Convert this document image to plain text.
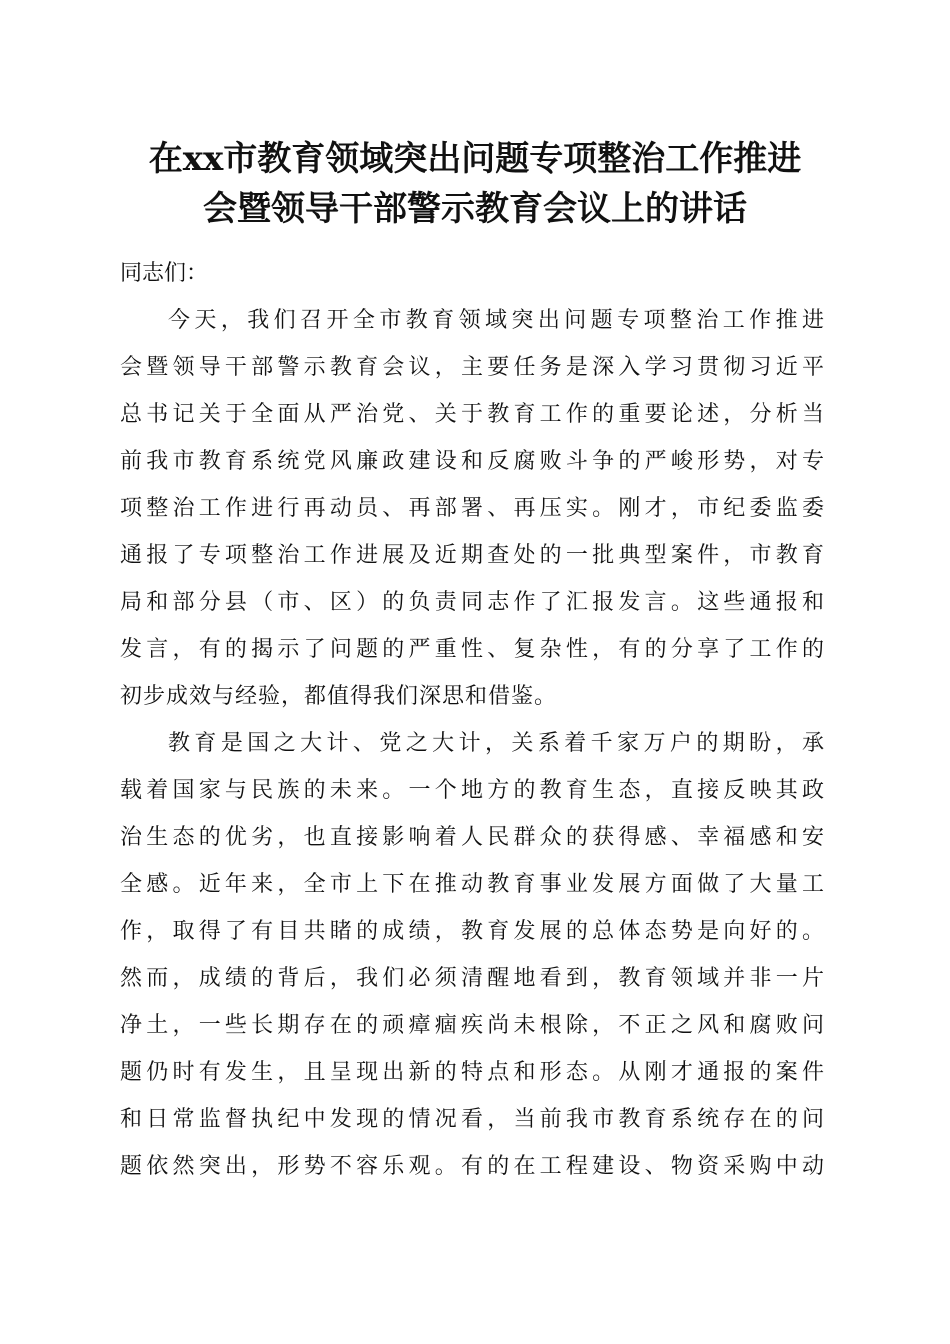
在xx市教育领域突出问题专项整治工作推进
会暨领导干部警示教育会议上的讲话

同志们：

今天，我们召开全市教育领域突出问题专项整治工作推进
会暨领导干部警示教育会议，主要任务是深入学习贯彻习近平
总书记关于全面从严治党、关于教育工作的重要论述，分析当
前我市教育系统党风廉政建设和反腐败斗争的严峻形势，对专
项整治工作进行再动员、再部署、再压实。刚才，市纪委监委
通报了专项整治工作进展及近期查处的一批典型案件，市教育
局和部分县（市、区）的负责同志作了汇报发言。这些通报和
发言，有的揭示了问题的严重性、复杂性，有的分享了工作的
初步成效与经验，都值得我们深思和借鉴。
教育是国之大计、党之大计，关系着千家万户的期盼，承
载着国家与民族的未来。一个地方的教育生态，直接反映其政
治生态的优劣，也直接影响着人民群众的获得感、幸福感和安
全感。近年来，全市上下在推动教育事业发展方面做了大量工
作，取得了有目共睹的成绩，教育发展的总体态势是向好的。
然而，成绩的背后，我们必须清醒地看到，教育领域并非一片
净土，一些长期存在的顽瘴痼疾尚未根除，不正之风和腐败问
题仍时有发生，且呈现出新的特点和形态。从刚才通报的案件
和日常监督执纪中发现的情况看，当前我市教育系统存在的问
题依然突出，形势不容乐观。有的在工程建设、物资采购中动
